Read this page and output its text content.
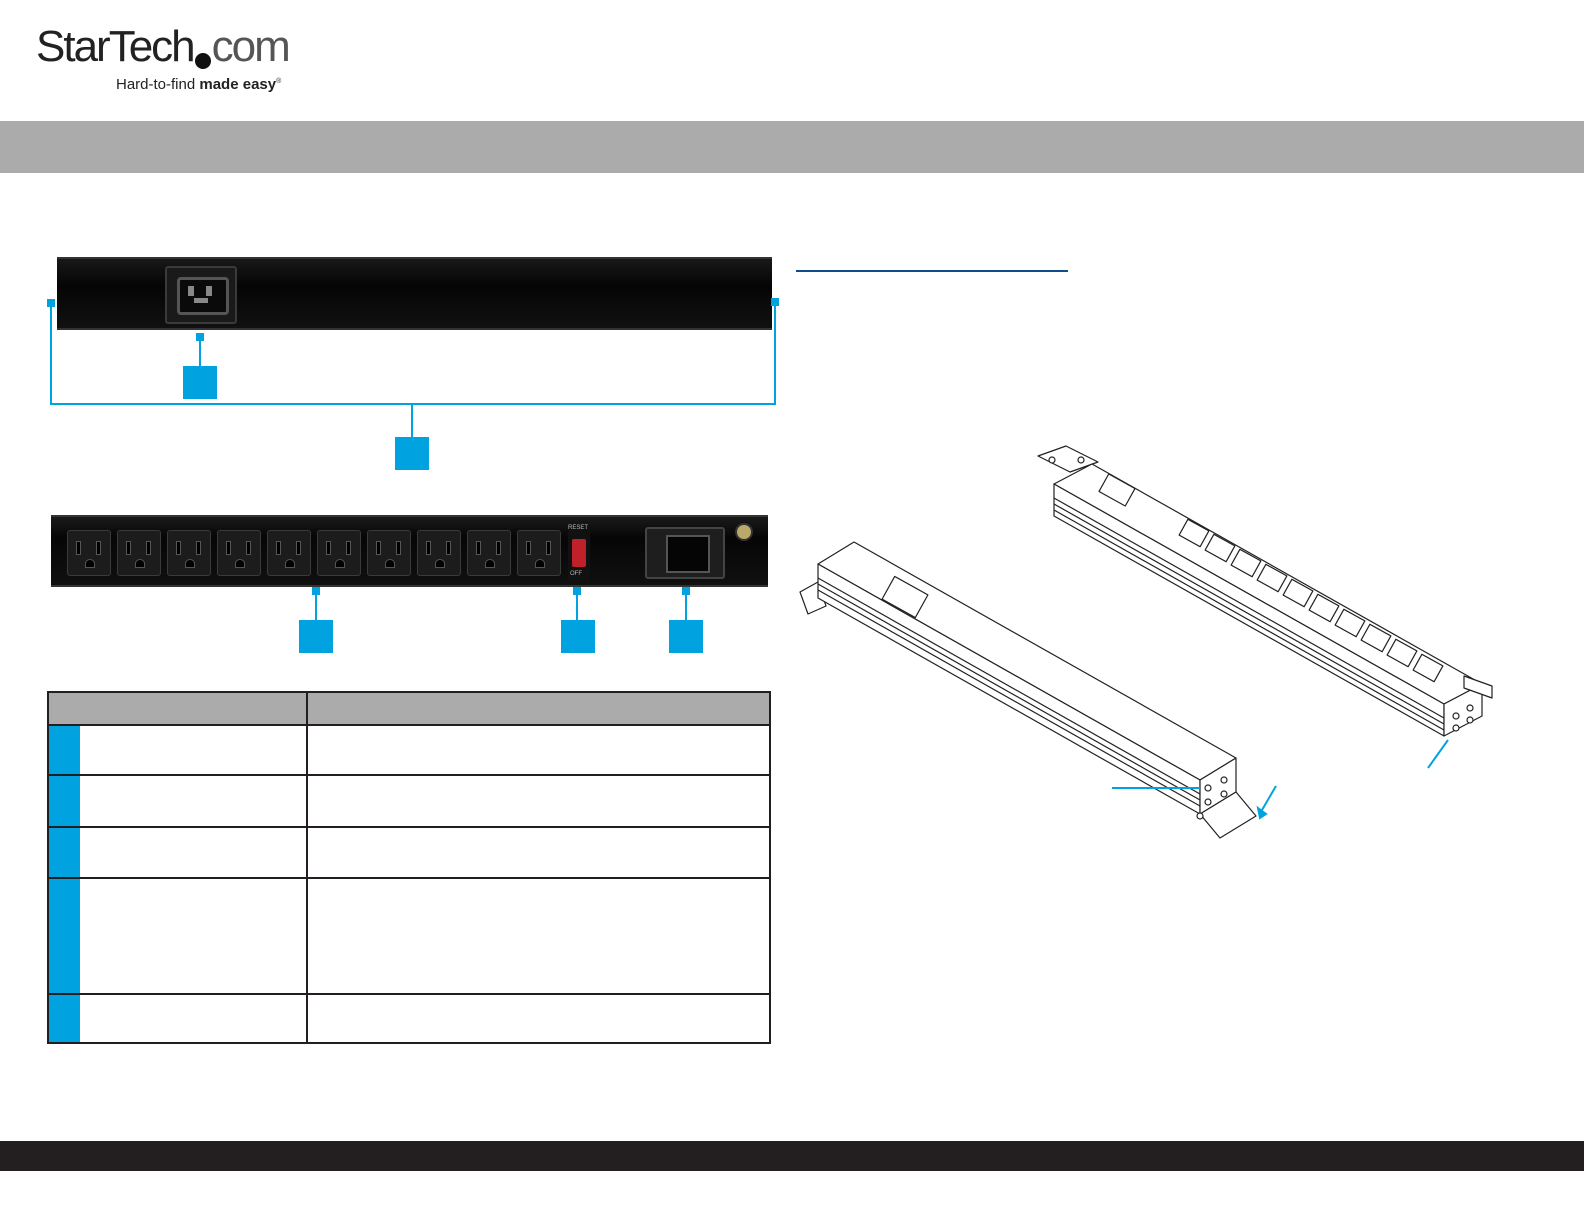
StarTech com
Hard-to-find made easy®
RESET
OFF
